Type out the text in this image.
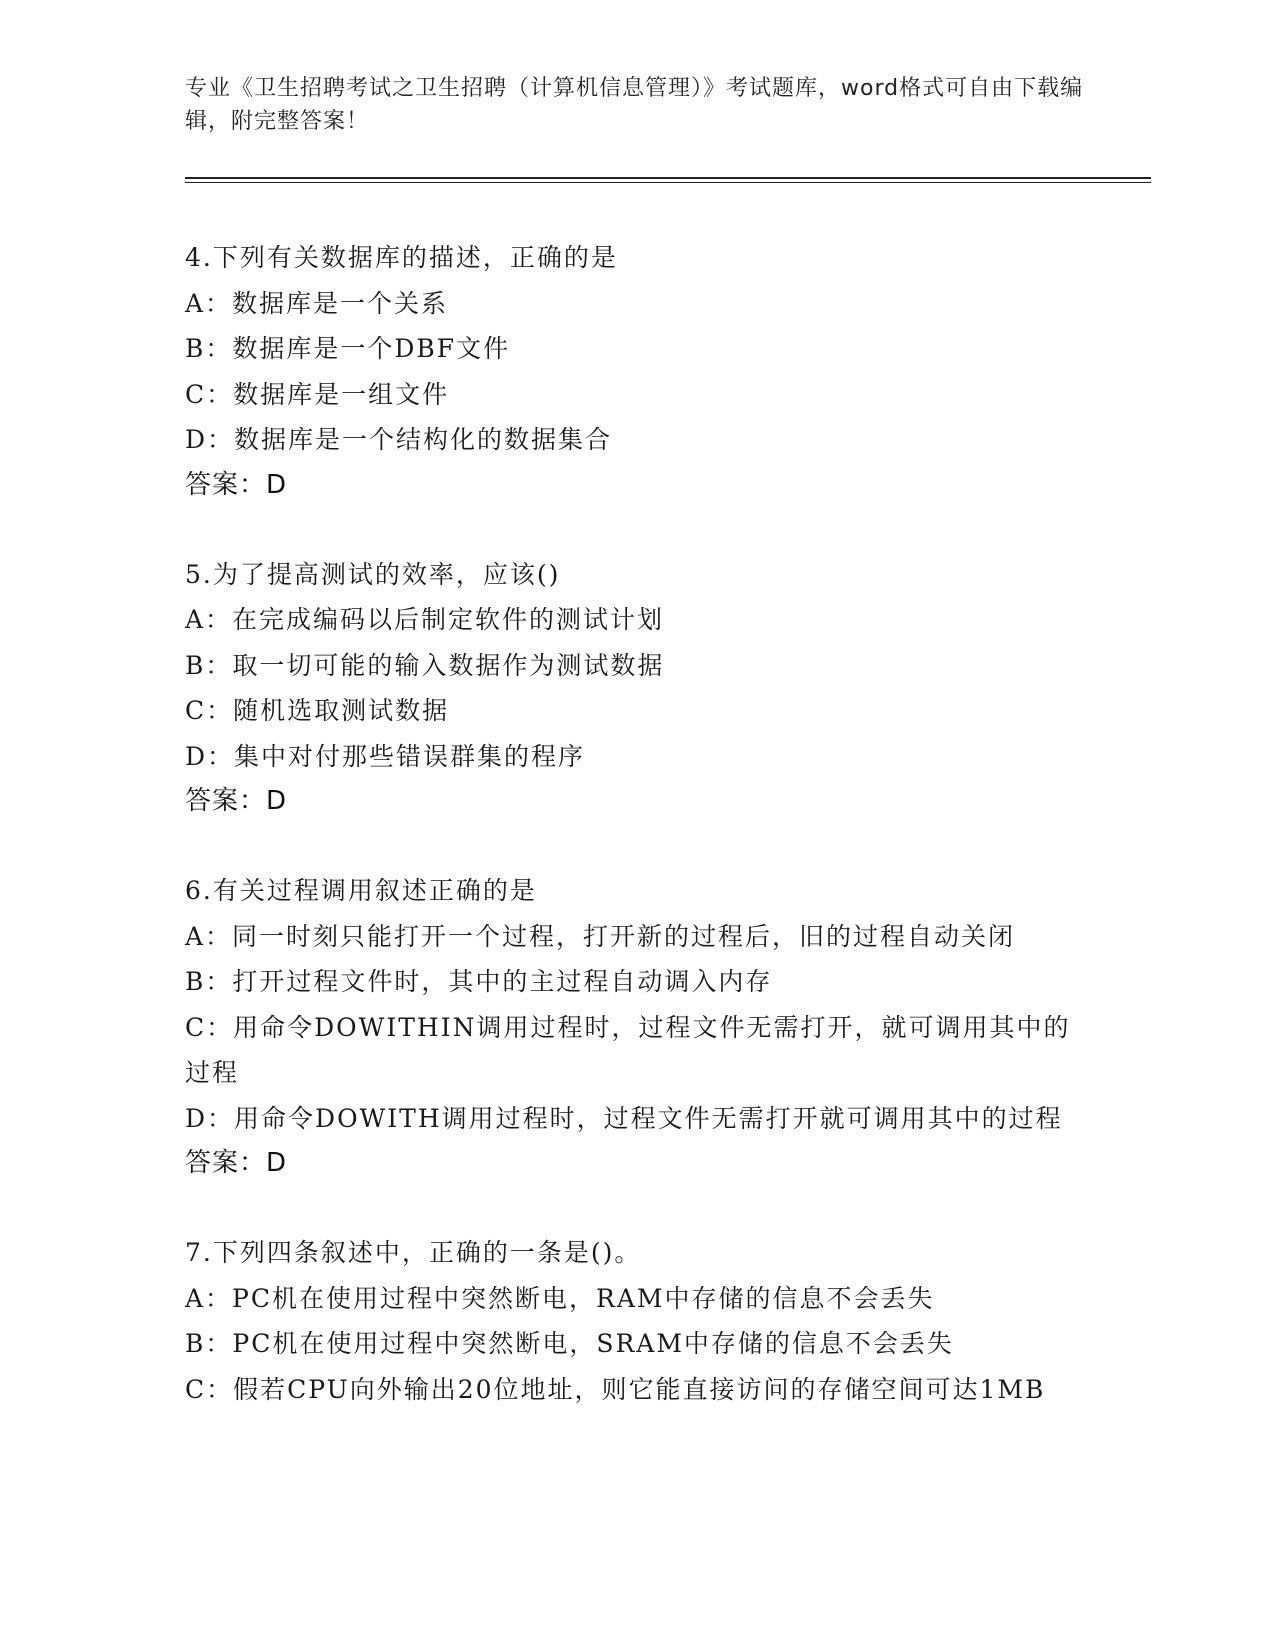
专业《卫生招聘考试之卫生招聘（计算机信息管理）》考试题库，word格式可自由下载编辑，附完整答案！
4.下列有关数据库的描述，正确的是
A：数据库是一个关系
B：数据库是一个DBF文件
C：数据库是一组文件
D：数据库是一个结构化的数据集合
答案：D
5.为了提高测试的效率，应该()
A：在完成编码以后制定软件的测试计划
B：取一切可能的输入数据作为测试数据
C：随机选取测试数据
D：集中对付那些错误群集的程序
答案：D
6.有关过程调用叙述正确的是
A：同一时刻只能打开一个过程，打开新的过程后，旧的过程自动关闭
B：打开过程文件时，其中的主过程自动调入内存
C：用命令DOWITHIN调用过程时，过程文件无需打开，就可调用其中的过程
D：用命令DOWITH调用过程时，过程文件无需打开就可调用其中的过程
答案：D
7.下列四条叙述中，正确的一条是()。
A：PC机在使用过程中突然断电，RAM中存储的信息不会丢失
B：PC机在使用过程中突然断电，SRAM中存储的信息不会丢失
C：假若CPU向外输出20位地址，则它能直接访问的存储空间可达1MB
